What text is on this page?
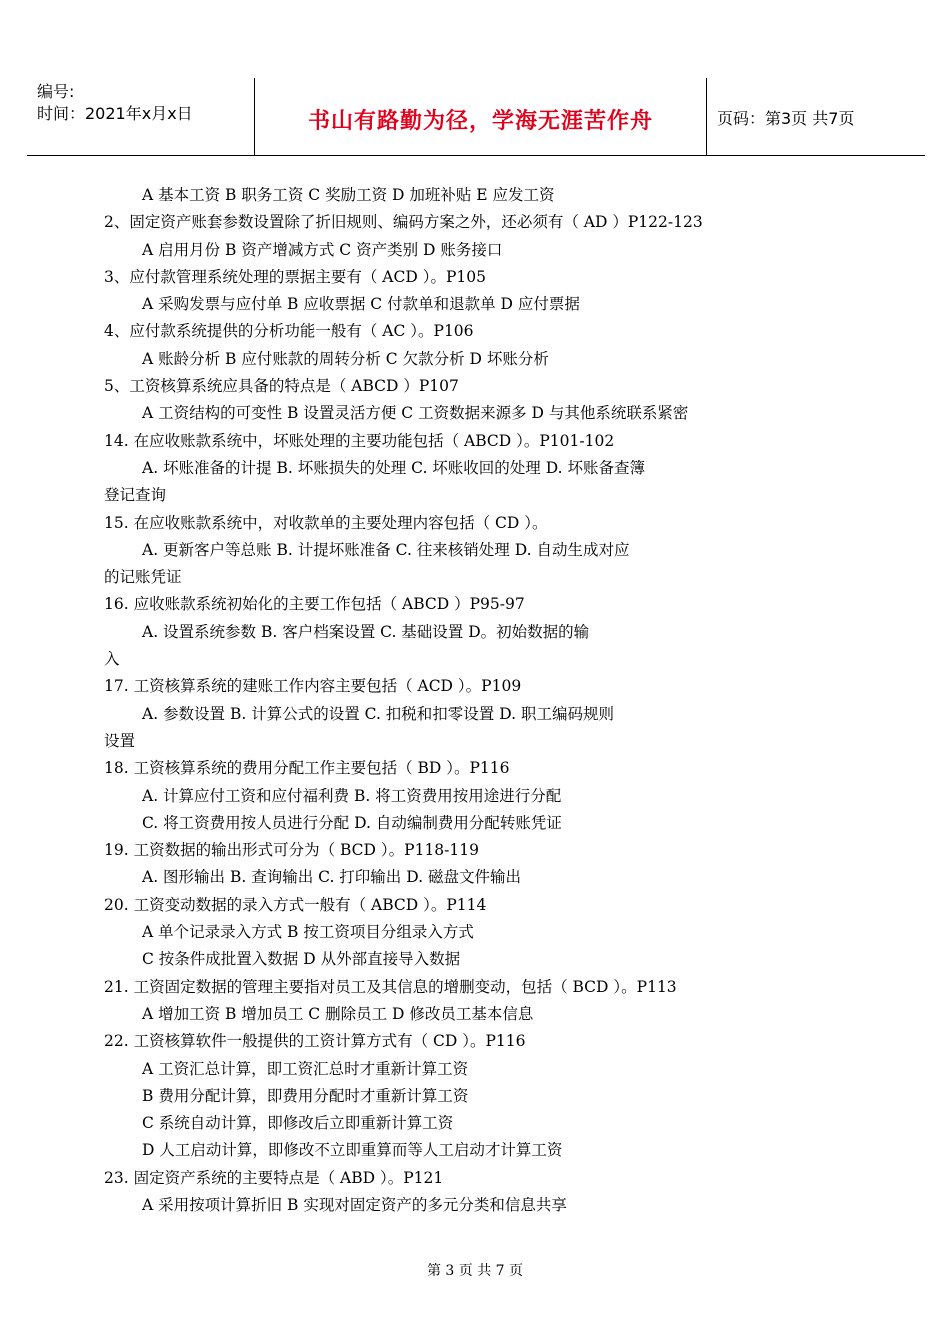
编号:
时间：2021年x月x日	书山有路勤为径，学海无涯苦作舟	页码：第3页 共7页
A 基本工资 B 职务工资 C 奖励工资 D 加班补贴 E 应发工资
2、固定资产账套参数设置除了折旧规则、编码方案之外，还必须有（ AD ）P122-123
A 启用月份 B 资产增减方式 C 资产类别 D 账务接口
3、应付款管理系统处理的票据主要有（ ACD ）。P105
A 采购发票与应付单 B 应收票据 C 付款单和退款单 D 应付票据
4、应付款系统提供的分析功能一般有（ AC ）。P106
A 账龄分析 B 应付账款的周转分析 C 欠款分析 D 坏账分析
5、工资核算系统应具备的特点是（ ABCD ）P107
A 工资结构的可变性 B 设置灵活方便 C 工资数据来源多 D 与其他系统联系紧密
14. 在应收账款系统中，坏账处理的主要功能包括（ ABCD ）。P101-102
A. 坏账准备的计提 B. 坏账损失的处理 C. 坏账收回的处理 D. 坏账备查簿
登记查询
15. 在应收账款系统中，对收款单的主要处理内容包括（ CD ）。
A. 更新客户等总账 B. 计提坏账准备 C. 往来核销处理 D. 自动生成对应
的记账凭证
16. 应收账款系统初始化的主要工作包括（ ABCD ）P95-97
A. 设置系统参数 B. 客户档案设置 C. 基础设置 D。初始数据的输
入
17. 工资核算系统的建账工作内容主要包括（ ACD ）。P109
A. 参数设置 B. 计算公式的设置 C. 扣税和扣零设置 D. 职工编码规则
设置
18. 工资核算系统的费用分配工作主要包括（ BD ）。P116
A. 计算应付工资和应付福利费 B. 将工资费用按用途进行分配
C. 将工资费用按人员进行分配 D. 自动编制费用分配转账凭证
19. 工资数据的输出形式可分为（ BCD ）。P118-119
A. 图形输出 B. 查询输出 C. 打印输出 D. 磁盘文件输出
20. 工资变动数据的录入方式一般有（ ABCD ）。P114
A 单个记录录入方式 B 按工资项目分组录入方式
C 按条件成批置入数据 D 从外部直接导入数据
21. 工资固定数据的管理主要指对员工及其信息的增删变动，包括（ BCD ）。P113
A 增加工资 B 增加员工 C 删除员工 D 修改员工基本信息
22. 工资核算软件一般提供的工资计算方式有（ CD ）。P116
A 工资汇总计算，即工资汇总时才重新计算工资
B 费用分配计算，即费用分配时才重新计算工资
C 系统自动计算，即修改后立即重新计算工资
D 人工启动计算，即修改不立即重算而等人工启动才计算工资
23. 固定资产系统的主要特点是（ ABD ）。P121
A 采用按项计算折旧 B 实现对固定资产的多元分类和信息共享
第 3 页 共 7 页
